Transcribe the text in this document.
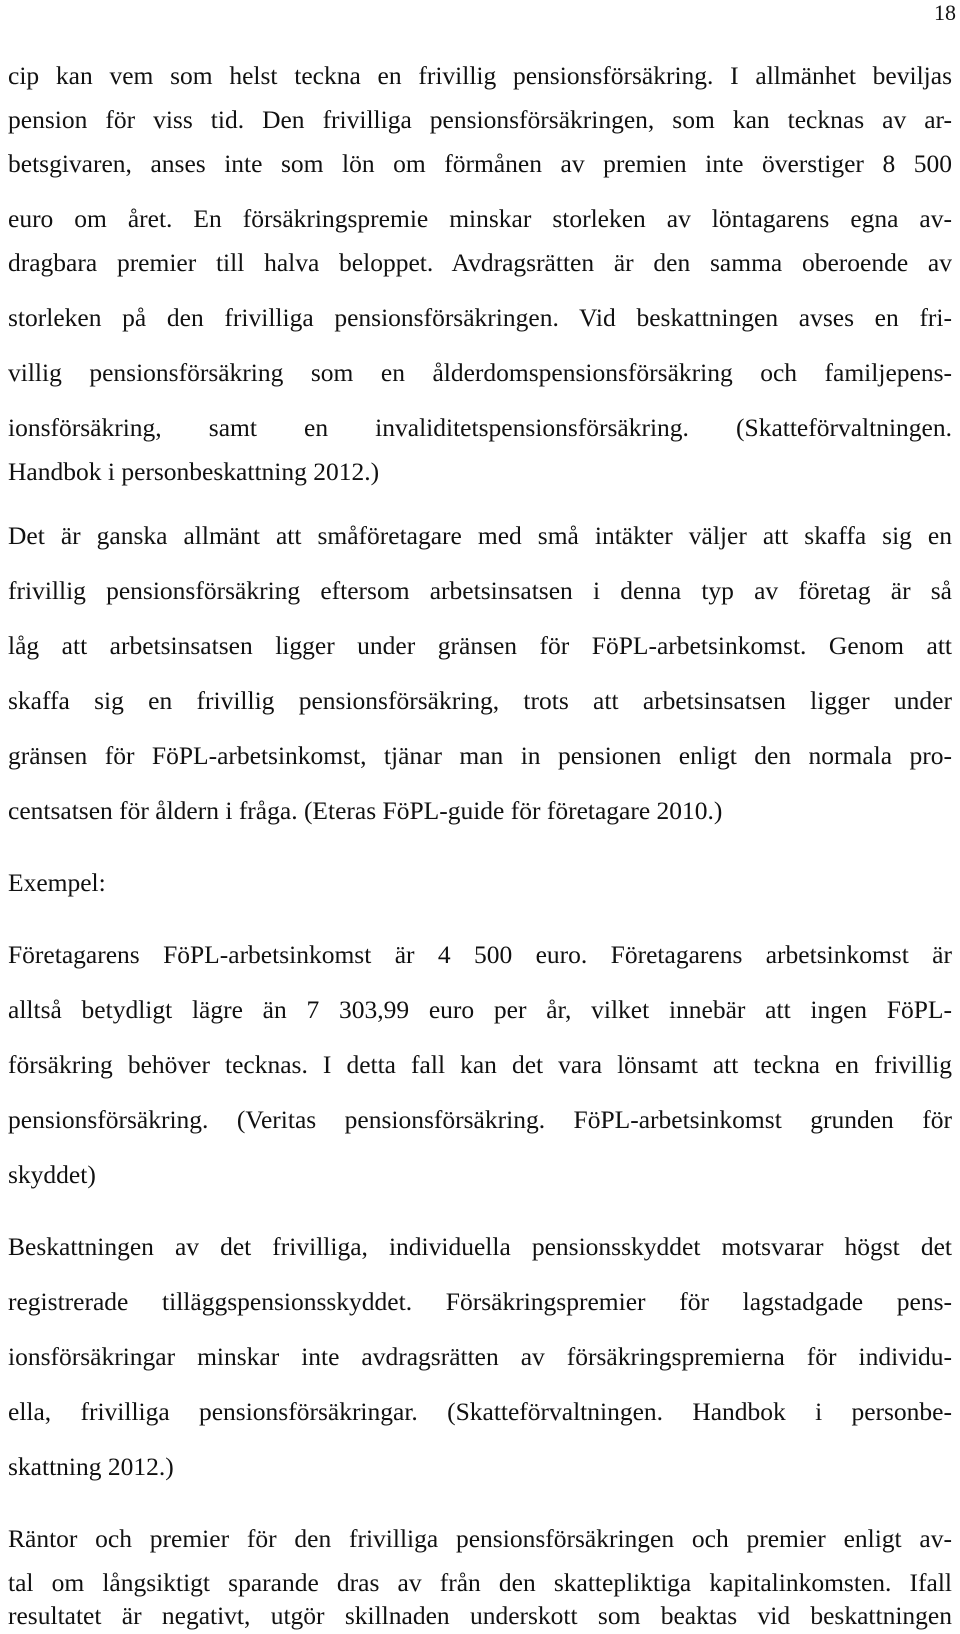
18
cip kan vem som helst teckna en frivillig pensionsförsäkring. I allmänhet beviljas
pension för viss tid. Den frivilliga pensionsförsäkringen, som kan tecknas av ar-
betsgivaren, anses inte som lön om förmånen av premien inte överstiger 8 500
euro om året. En försäkringspremie minskar storleken av löntagarens egna av-
dragbara premier till halva beloppet. Avdragsrätten är den samma oberoende av
storleken på den frivilliga pensionsförsäkringen. Vid beskattningen avses en fri-
villig pensionsförsäkring som en ålderdomspensionsförsäkring och familjepens-
ionsförsäkring, samt en invaliditetspensionsförsäkring. (Skatteförvaltningen.
Handbok i personbeskattning 2012.)
Det är ganska allmänt att småföretagare med små intäkter väljer att skaffa sig en
frivillig pensionsförsäkring eftersom arbetsinsatsen i denna typ av företag är så
låg att arbetsinsatsen ligger under gränsen för FöPL-arbetsinkomst. Genom att
skaffa sig en frivillig pensionsförsäkring, trots att arbetsinsatsen ligger under
gränsen för FöPL-arbetsinkomst, tjänar man in pensionen enligt den normala pro-
centsatsen för åldern i fråga. (Eteras FöPL-guide för företagare 2010.)
Exempel:
Företagarens FöPL-arbetsinkomst är 4 500 euro. Företagarens arbetsinkomst är
alltså betydligt lägre än 7 303,99 euro per år, vilket innebär att ingen FöPL-
försäkring behöver tecknas. I detta fall kan det vara lönsamt att teckna en frivillig
pensionsförsäkring. (Veritas pensionsförsäkring. FöPL-arbetsinkomst grunden för
skyddet)
Beskattningen av det frivilliga, individuella pensionsskyddet motsvarar högst det
registrerade tilläggspensionsskyddet. Försäkringspremier för lagstadgade pens-
ionsförsäkringar minskar inte avdragsrätten av försäkringspremierna för individu-
ella, frivilliga pensionsförsäkringar. (Skatteförvaltningen. Handbok i personbe-
skattning 2012.)
Räntor och premier för den frivilliga pensionsförsäkringen och premier enligt av-
tal om långsiktigt sparande dras av från den skattepliktiga kapitalinkomsten. Ifall
resultatet är negativt, utgör skillnaden underskott som beaktas vid beskattningen
